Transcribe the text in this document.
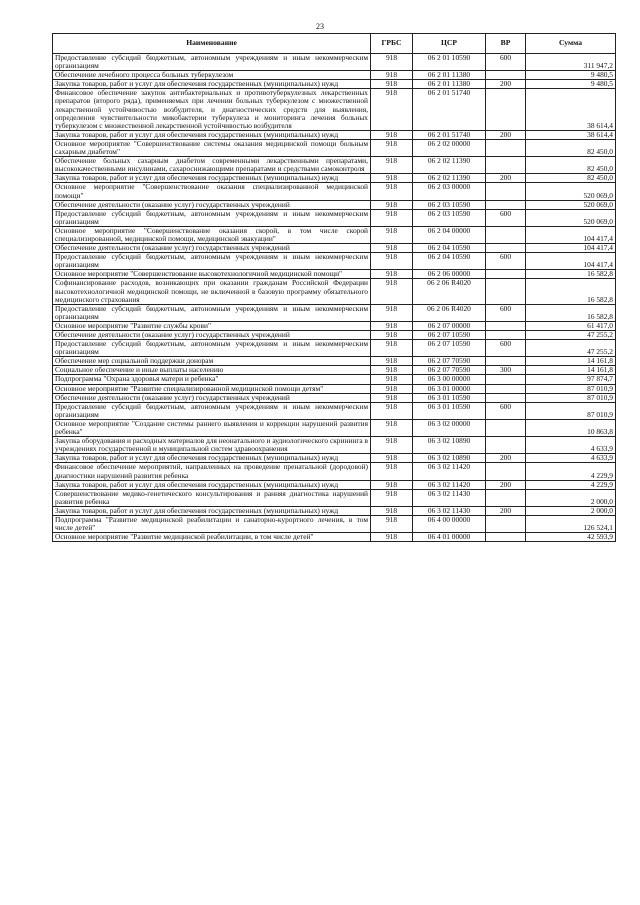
23
Наименование	ГРБС	ЦСР	ВР	Сумма
Предоставление субсидий бюджетным, автономным учреждениям и иным некоммерческим организациям	918	06 2 01 10590	600	311 947,2
Обеспечение лечебного процесса больных туберкулезом	918	06 2 01 11380		9 480,5
Закупка товаров, работ и услуг для обеспечения государственных (муниципальных) нужд	918	06 2 01 11380	200	9 480,5
Финансовое обеспечение закупок антибактериальных и противотуберкулезных лекарственных препаратов (второго ряда), применяемых при лечении больных туберкулезом с множественной лекарственной устойчивостью возбудителя, и диагностических средств для выявления, определения чувствительности микобактерии туберкулеза и мониторинга лечения больных туберкулезом с множественной лекарственной устойчивостью возбудителя	918	06 2 01 51740		38 614,4
Закупка товаров, работ и услуг для обеспечения государственных (муниципальных) нужд	918	06 2 01 51740	200	38 614,4
Основное мероприятие "Совершенствование системы оказания медицинской помощи больным сахарным диабетом"	918	06 2 02 00000		82 450,0
Обеспечение больных сахарным диабетом современными лекарственными препаратами, высококачественными инсулинами, сахароснижающими препаратами и средствами самоконтроля	918	06 2 02 11390		82 450,0
Закупка товаров, работ и услуг для обеспечения государственных (муниципальных) нужд	918	06 2 02 11390	200	82 450,0
Основное мероприятие "Совершенствование оказания специализированной медицинской помощи"	918	06 2 03 00000		520 069,0
Обеспечение деятельности (оказание услуг) государственных учреждений	918	06 2 03 10590		520 069,0
Предоставление субсидий бюджетным, автономным учреждениям и иным некоммерческим организациям	918	06 2 03 10590	600	520 069,0
Основное мероприятие "Совершенствование оказания скорой, в том числе скорой специализированной, медицинской помощи, медицинской эвакуации"	918	06 2 04 00000		104 417,4
Обеспечение деятельности (оказание услуг) государственных учреждений	918	06 2 04 10590		104 417,4
Предоставление субсидий бюджетным, автономным учреждениям и иным некоммерческим организациям	918	06 2 04 10590	600	104 417,4
Основное мероприятие "Совершенствование высокотехнологичной медицинской помощи"	918	06 2 06 00000		16 582,8
Софинансирование расходов, возникающих при оказании гражданам Российской Федерации высокотехнологичной медицинской помощи, не включенной в базовую программу обязательного медицинского страхования	918	06 2 06 R4020		16 582,8
Предоставление субсидий бюджетным, автономным учреждениям и иным некоммерческим организациям	918	06 2 06 R4020	600	16 582,8
Основное мероприятие "Развитие службы крови"	918	06 2 07 00000		61 417,0
Обеспечение деятельности (оказание услуг) государственных учреждений	918	06 2 07 10590		47 255,2
Предоставление субсидий бюджетным, автономным учреждениям и иным некоммерческим организациям	918	06 2 07 10590	600	47 255,2
Обеспечение мер социальной поддержки донорам	918	06 2 07 70590		14 161,8
Социальное обеспечение и иные выплаты населению	918	06 2 07 70590	300	14 161,8
Подпрограмма "Охрана здоровья матери и ребенка"	918	06 3 00 00000		97 874,7
Основное мероприятие "Развитие специализированной медицинской помощи детям"	918	06 3 01 00000		87 010,9
Обеспечение деятельности (оказание услуг) государственных учреждений	918	06 3 01 10590		87 010,9
Предоставление субсидий бюджетным, автономным учреждениям и иным некоммерческим организациям	918	06 3 01 10590	600	87 010,9
Основное мероприятие "Создание системы раннего выявления и коррекции нарушений развития ребенка"	918	06 3 02 00000		10 863,8
Закупка оборудования и расходных материалов для неонатального и аудиологического скрининга в учреждениях государственной и муниципальной систем здравоохранения	918	06 3 02 10890		4 633,9
Закупка товаров, работ и услуг для обеспечения государственных (муниципальных) нужд	918	06 3 02 10890	200	4 633,9
Финансовое обеспечение мероприятий, направленных на проведение пренатальной (дородовой) диагностики нарушений развития ребенка	918	06 3 02 11420		4 229,9
Закупка товаров, работ и услуг для обеспечения государственных (муниципальных) нужд	918	06 3 02 11420	200	4 229,9
Совершенствование медико-генетического консультирования и ранняя диагностика нарушений развития ребенка	918	06 3 02 11430		2 000,0
Закупка товаров, работ и услуг для обеспечения государственных (муниципальных) нужд	918	06 3 02 11430	200	2 000,0
Подпрограмма "Развитие медицинской реабилитации и санаторно-курортного лечения, в том числе детей"	918	06 4 00 00000		126 524,1
Основное мероприятие "Развитие медицинской реабилитации, в том числе детей"	918	06 4 01 00000		42 593,9
